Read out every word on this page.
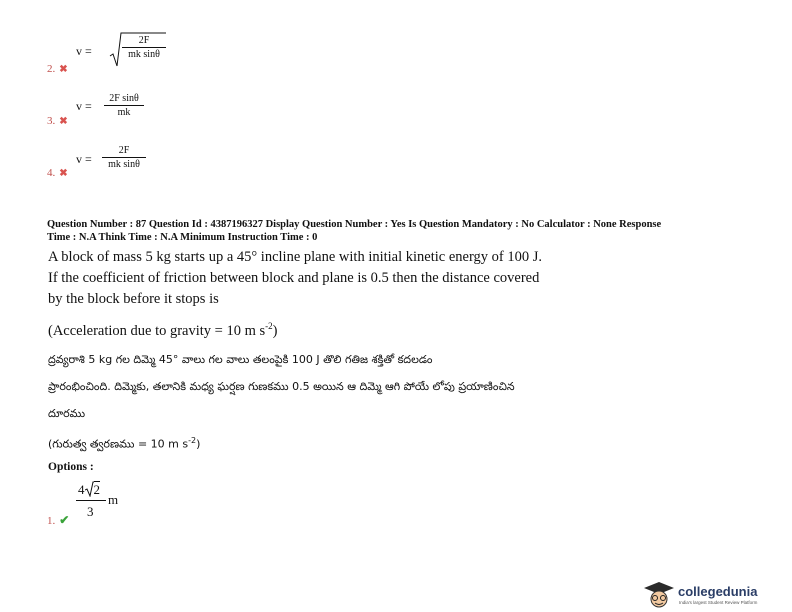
v =	$\frac{2F}{\text{mk sinθ}}$
2. ✖
$v = \frac{\text{2F sinθ}}{mk}$
3. ✖
$v = \frac{2F}{\text{mk sinθ}}$
4. ✖
Question Number : 87 Question Id : 4387196327 Display Question Number : Yes Is Question Mandatory : No Calculator : None Response
Time : N.A Think Time : N.A Minimum Instruction Time : 0
A block of mass 5 kg starts up a 45° incline plane with initial kinetic energy of 100 J.
If the coefficient of friction between block and plane is 0.5 then the distance covered
by the block before it stops is
(Acceleration due to gravity = 10 m $s^{-2}$)
ద్రవ్యరాశి 5 kg గల దిమ్మె 45° వాలు గల వాలు తలంపైకి 100 J తొలి గతిజ శక్తితో కదలడం
ప్రారంభించింది. దిమ్మెకు, తలానికి మధ్య ఘర్షణ గుణకము 0.5 అయిన ఆ దిమ్మె ఆగి పోయే లోపు ప్రయాణించిన
దూరము
(గురుత్వ త్వరణము = 10 m $s^{-2}$)
Options :
4 2
3
m
1. ✔
collegedunia
India's largest Student Review Platform
